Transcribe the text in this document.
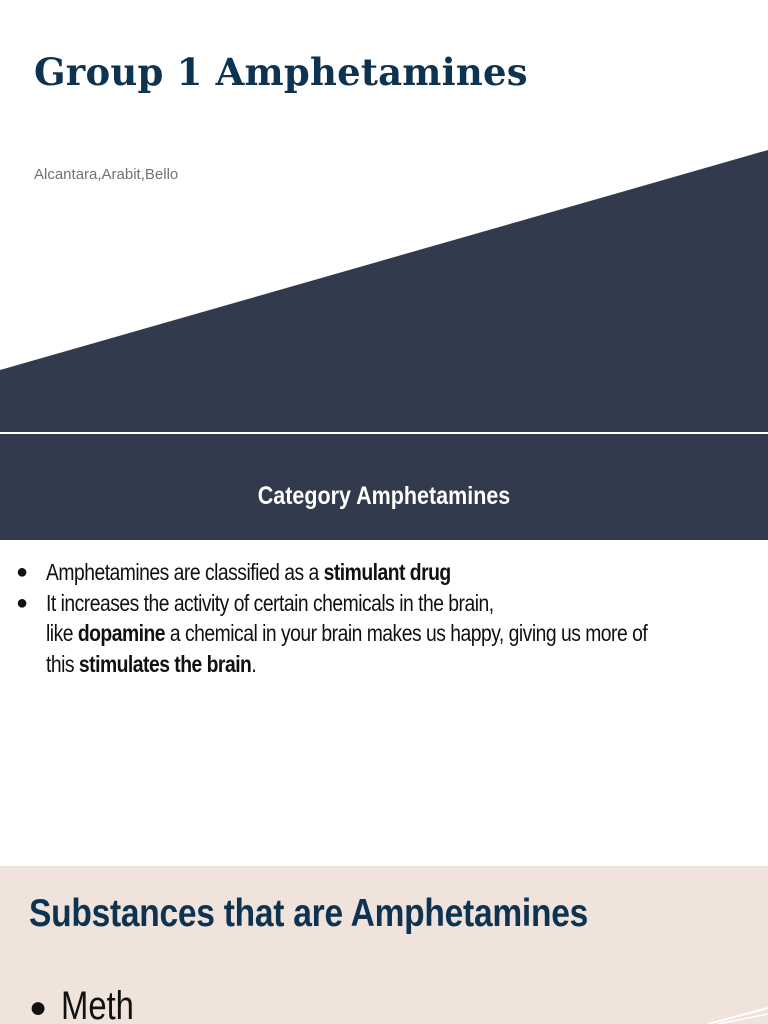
Group 1 Amphetamines

Alcantara,Arabit,Bello

Category Amphetamines
● Amphetamines are classified as a stimulant drug
● It increases the activity of certain chemicals in the brain,
like dopamine a chemical in your brain makes us happy, giving us more of
this stimulates the brain.
Substances that are Amphetamines
● Meth
